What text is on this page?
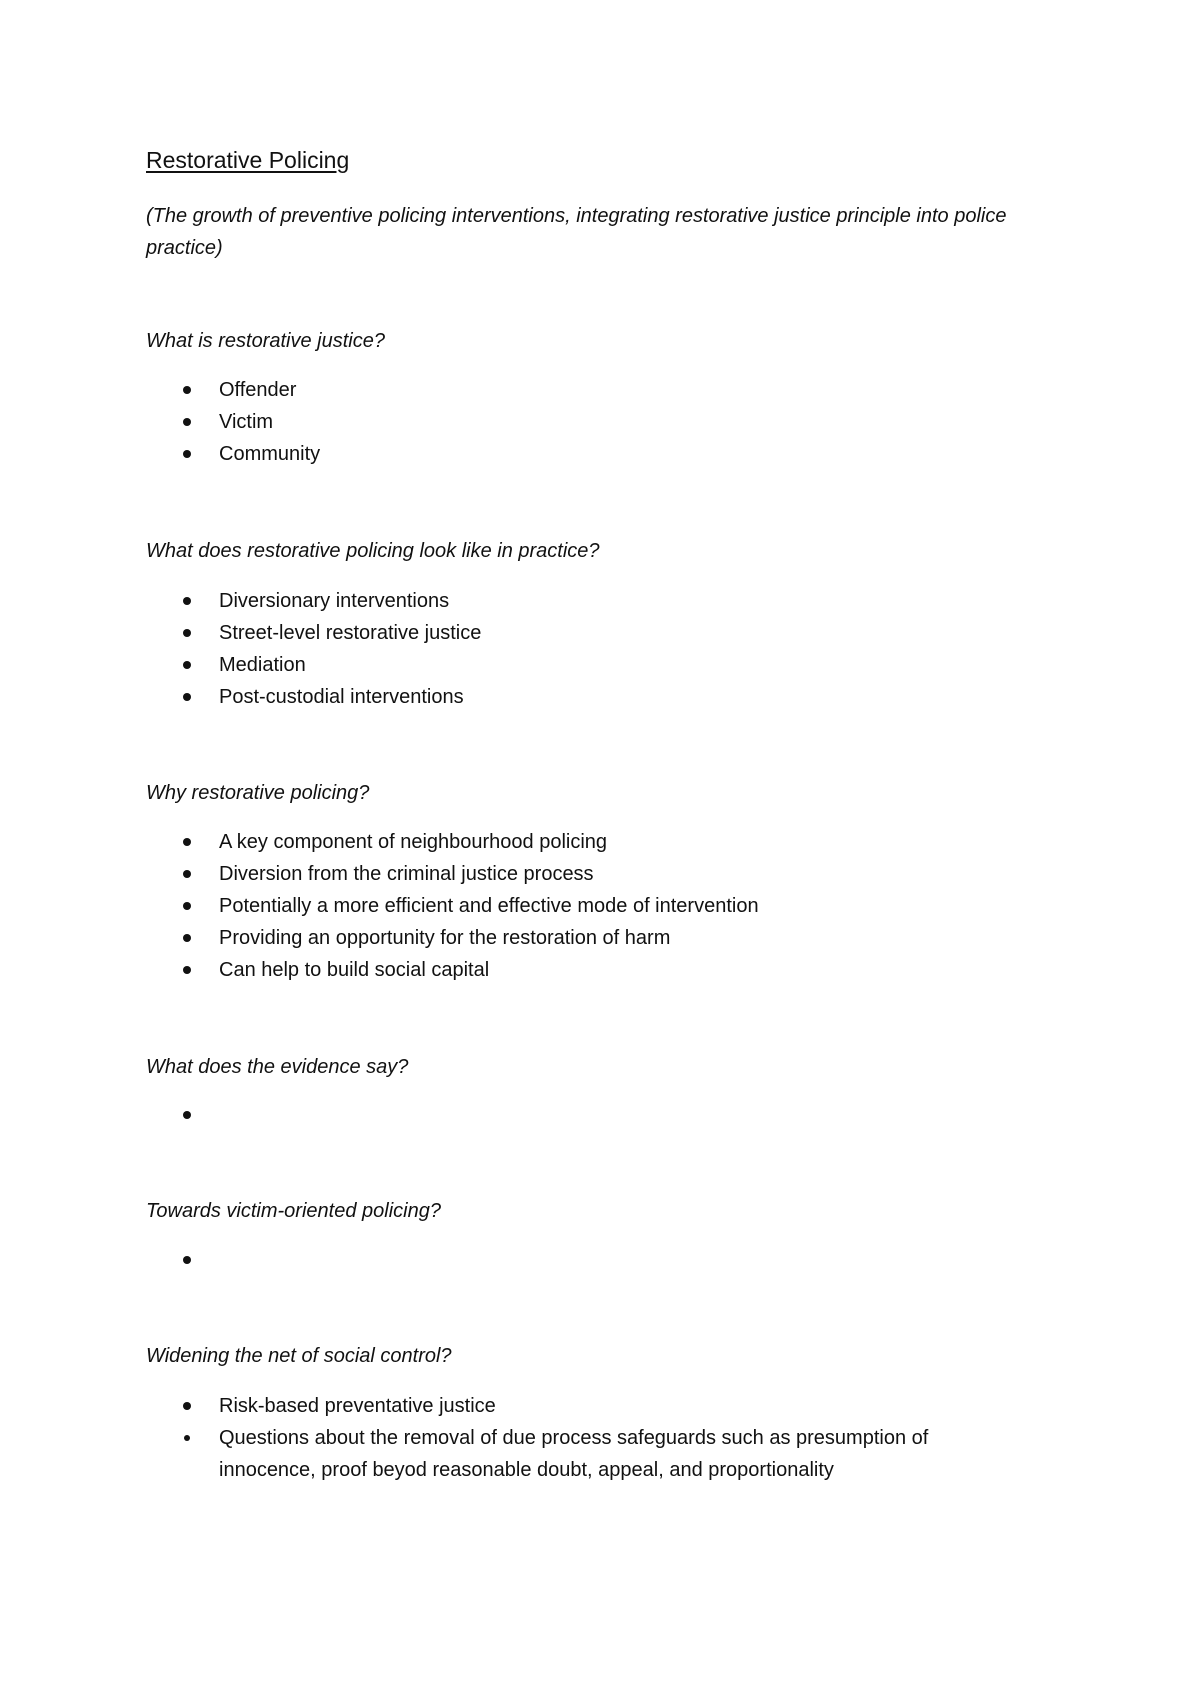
Restorative Policing
(The growth of preventive policing interventions, integrating restorative justice principle into police practice)
What is restorative justice?
Offender
Victim
Community
What does restorative policing look like in practice?
Diversionary interventions
Street-level restorative justice
Mediation
Post-custodial interventions
Why restorative policing?
A key component of neighbourhood policing
Diversion from the criminal justice process
Potentially a more efficient and effective mode of intervention
Providing an opportunity for the restoration of harm
Can help to build social capital
What does the evidence say?
Towards victim-oriented policing?
Widening the net of social control?
Risk-based preventative justice
Questions about the removal of due process safeguards such as presumption of innocence, proof beyod reasonable doubt, appeal, and proportionality
